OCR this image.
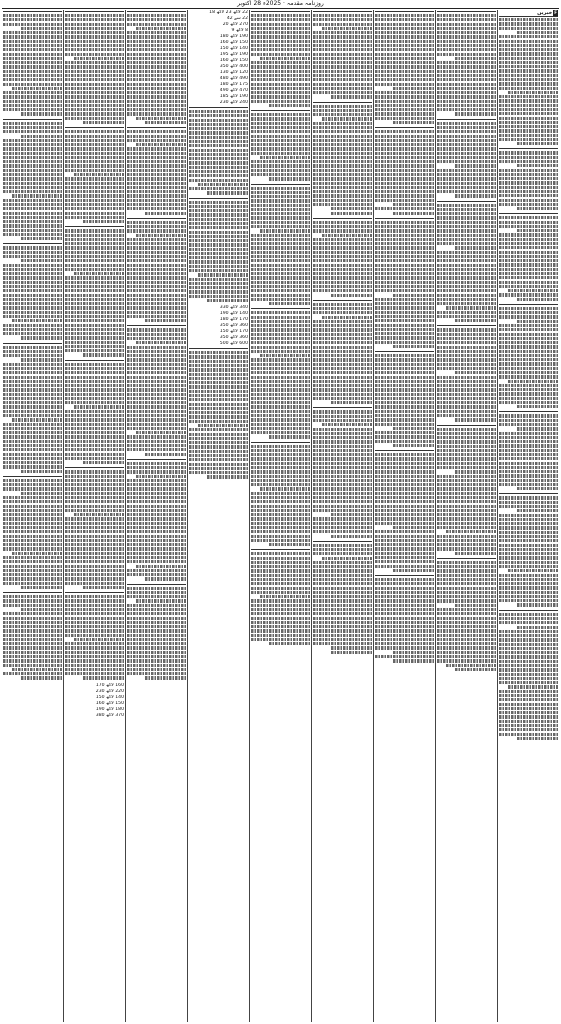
روزنامہ مقدمہ · 2025ء 28 اکتوبر
Fخبریں
22 لاکھ 23 لاکھ 18
22 سے 42
270 لاکھ 20
8 لاکھ 9
190 لاکھ 180
150 لاکھ 160
140 لاکھ 150
190 لاکھ 195
150 لاکھ 160
400 لاکھ 350
120 لاکھ 130
490 لاکھ 480
175 لاکھ 180
470 لاکھ 490
190 لاکھ 185
240 لاکھ 230
340 لاکھ 330
140 لاکھ 190
170 لاکھ 180
360 لاکھ 350
170 لاکھ 150
360 لاکھ 350
600 لاکھ 500
160 لاکھ 170
220 لاکھ 230
140 لاکھ 150
150 لاکھ 160
180 لاکھ 190
370 لاکھ 380
